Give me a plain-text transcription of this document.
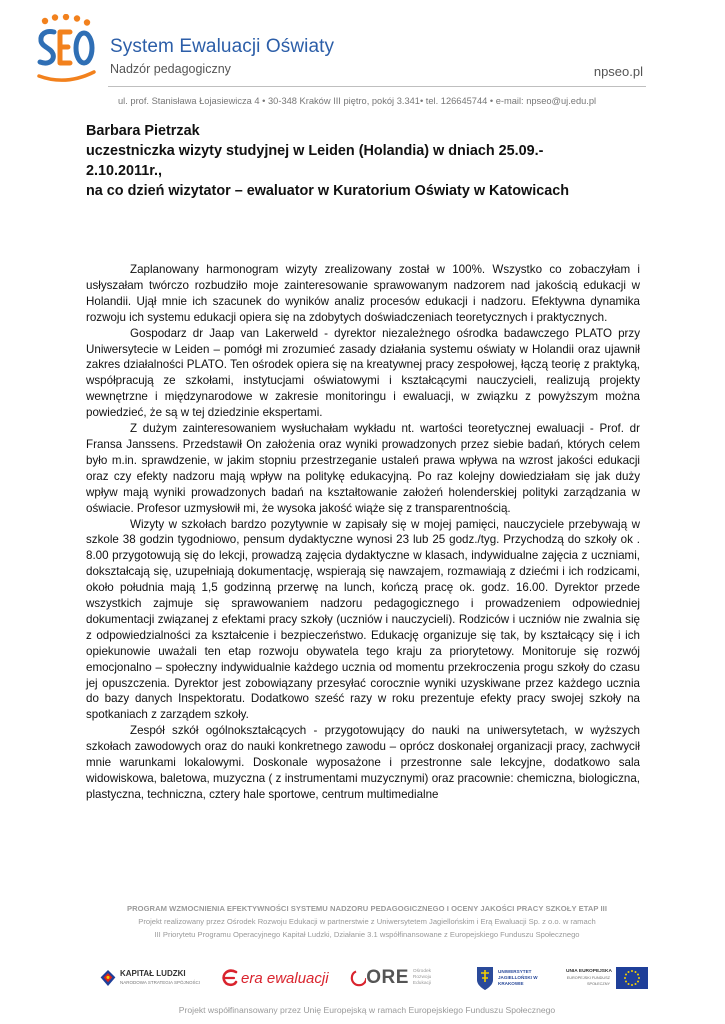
System Ewaluacji Oświaty
Nadzór pedagogiczny	npseo.pl
ul. prof. Stanisława Łojasiewicza 4 • 30-348 Kraków III piętro, pokój 3.341• tel. 126645744 • e-mail: npseo@uj.edu.pl
Barbara Pietrzak
uczestniczka wizyty studyjnej w Leiden (Holandia) w dniach 25.09.-
2.10.2011r.,
na co dzień wizytator – ewaluator w Kuratorium Oświaty w Katowicach

Zaplanowany harmonogram wizyty zrealizowany został w 100%. Wszystko co zobaczyłam i usłyszałam twórczo rozbudziło moje zainteresowanie sprawowanym nadzorem nad jakością edukacji w Holandii. Ujął mnie ich szacunek do wyników analiz procesów edukacji i nadzoru. Efektywna dynamika rozwoju ich systemu edukacji opiera się na zdobytych doświadczeniach teoretycznych i praktycznych.

Gospodarz dr Jaap van Lakerweld - dyrektor niezależnego ośrodka badawczego PLATO przy Uniwersytecie w Leiden – pomógł mi zrozumieć zasady działania systemu oświaty w Holandii oraz ujawnił zakres działalności PLATO. Ten ośrodek opiera się na kreatywnej pracy zespołowej, łączą teorię z praktyką, współpracują ze szkołami, instytucjami oświatowymi i kształcącymi nauczycieli, realizują projekty wewnętrzne i międzynarodowe w zakresie monitoringu i ewaluacji, w związku z powyższym można powiedzieć, że są w tej dziedzinie ekspertami.

Z dużym zainteresowaniem wysłuchałam wykładu nt. wartości teoretycznej ewaluacji - Prof. dr Fransa Janssens. Przedstawił On założenia oraz wyniki prowadzonych przez siebie badań, których celem było m.in. sprawdzenie, w jakim stopniu przestrzeganie ustaleń prawa wpływa na wzrost jakości edukacji oraz czy efekty nadzoru mają wpływ na politykę edukacyjną. Po raz kolejny dowiedziałam się jak duży wpływ mają wyniki prowadzonych badań na kształtowanie założeń holenderskiej polityki zarządzania w oświacie. Profesor uzmysłowił mi, że wysoka jakość wiąże się z transparentnością.

Wizyty w szkołach bardzo pozytywnie w zapisały się w mojej pamięci, nauczyciele przebywają w szkole 38 godzin tygodniowo, pensum dydaktyczne wynosi 23 lub 25 godz./tyg. Przychodzą do szkoły ok . 8.00 przygotowują się do lekcji, prowadzą zajęcia dydaktyczne w klasach, indywidualne zajęcia z uczniami, dokształcają się, uzupełniają dokumentację, wspierają się nawzajem, rozmawiają z dziećmi i ich rodzicami, około południa mają 1,5 godzinną przerwę na lunch, kończą pracę ok. godz. 16.00. Dyrektor przede wszystkich zajmuje się sprawowaniem nadzoru pedagogicznego i prowadzeniem odpowiedniej dokumentacji związanej z efektami pracy szkoły (uczniów i nauczycieli). Rodziców i uczniów nie zwalnia się z odpowiedzialności za kształcenie i bezpieczeństwo. Edukację organizuje się tak, by kształcący się i ich opiekunowie uważali ten etap rozwoju obywatela tego kraju za priorytetowy. Monitoruje się rozwój emocjonalno – społeczny indywidualnie każdego ucznia od momentu przekroczenia progu szkoły do czasu jej opuszczenia. Dyrektor jest zobowiązany przesyłać corocznie wyniki uzyskiwane przez każdego ucznia do bazy danych Inspektoratu. Dodatkowo sześć razy w roku prezentuje efekty pracy swojej szkoły na spotkaniach z zarządem szkoły.

Zespół szkół ogólnokształcących - przygotowujący do nauki na uniwersytetach, w wyższych szkołach zawodowych oraz do nauki konkretnego zawodu – oprócz doskonałej organizacji pracy, zachwycił mnie warunkami lokalowymi. Doskonale wyposażone i przestronne sale lekcyjne, dodatkowo sala widowiskowa, baletowa, muzyczna ( z instrumentami muzycznymi) oraz pracownie: chemiczna, biologiczna, plastyczna, techniczna, cztery hale sportowe, centrum multimedialne

PROGRAM WZMOCNIENIA EFEKTYWNOŚCI SYSTEMU NADZORU PEDAGOGICZNEGO I OCENY JAKOŚCI PRACY SZKOŁY ETAP III
Projekt realizowany przez Ośrodek Rozwoju Edukacji w partnerstwie z Uniwersytetem Jagiellońskim i Erą Ewaluacji Sp. z o.o. w ramach
III Priorytetu Programu Operacyjnego Kapitał Ludzki, Działanie 3.1 współfinansowane z Europejskiego Funduszu Społecznego
KAPITAŁ LUDZKI
NARODOWA STRATEGIA SPÓJNOŚCI	era ewaluacji ORE Ośrodek Rozwoju Edukacji
UNIWERSYTET JAGIELLOŃSKI W KRAKOWIE
UNIA EUROPEJSKA
EUROPEJSKI FUNDUSZ SPOŁECZNY
Projekt współfinansowany przez Unię Europejską w ramach Europejskiego Funduszu Społecznego
